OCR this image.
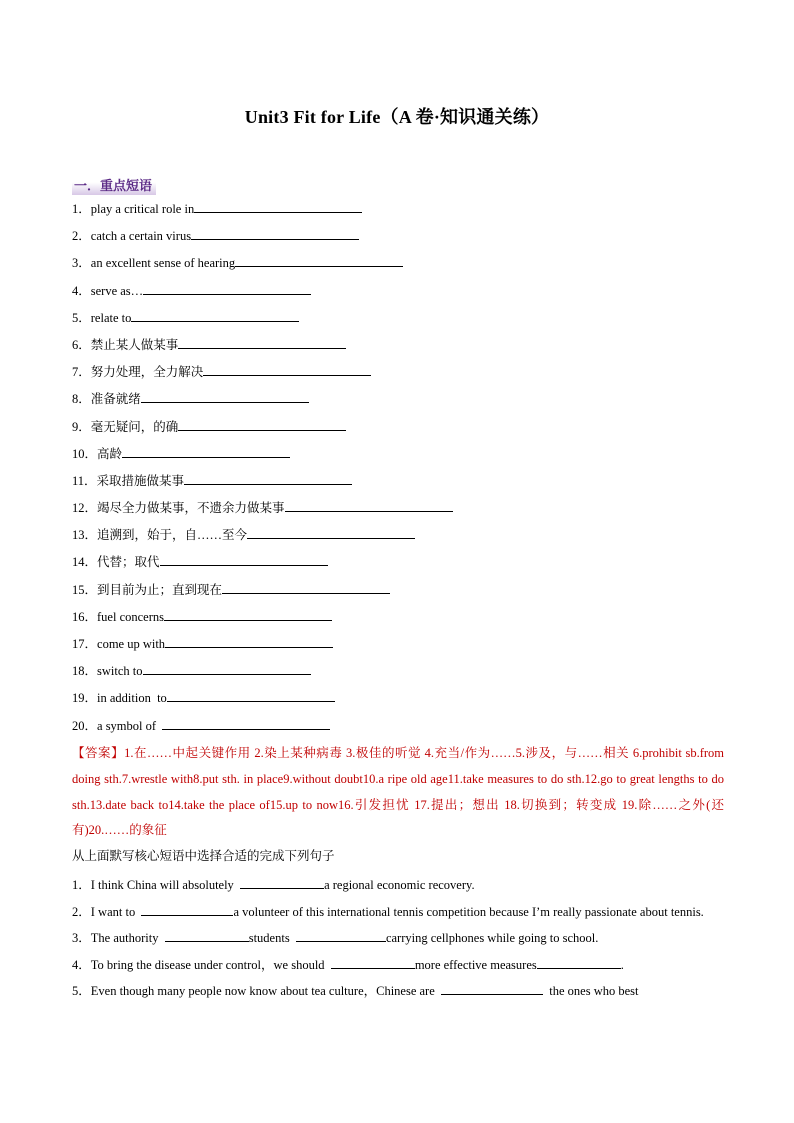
Unit3 Fit for Life（A 卷·知识通关练）
一．重点短语
1．play a critical role in
2．catch a certain virus
3．an excellent sense of hearing
4．serve as…
5．relate to
6．禁止某人做某事
7．努力处理，全力解决
8．准备就绪
9．毫无疑问，的确
10．高龄
11．采取措施做某事
12．竭尽全力做某事，不遗余力做某事
13．追溯到，始于，自……至今
14．代替；取代
15．到目前为止；直到现在
16．fuel concerns
17．come up with
18．switch to
19．in addition  to
20．a symbol of
【答案】1.在……中起关键作用 2.染上某种病毒 3.极佳的听觉 4.充当/作为……5.涉及，与……相关 6.prohibit sb.from doing sth.7.wrestle with8.put sth. in place9.without doubt10.a ripe old age11.take measures to do sth.12.go to great lengths to do sth.13.date back to14.take the place of15.up to now16.引发担忧 17.提出；想出 18.切换到；转变成 19.除……之外(还有)20.……的象征
从上面默写核心短语中选择合适的完成下列句子
1．I think China will absolutely	a regional economic recovery.
2．I want to	a volunteer of this international tennis competition because I’m really passionate about tennis.
3．The authority	students	carrying cellphones while going to school.
4．To bring the disease under control，we should	more effective measures	.
5．Even though many people now know about tea culture，Chinese are	the ones who best
